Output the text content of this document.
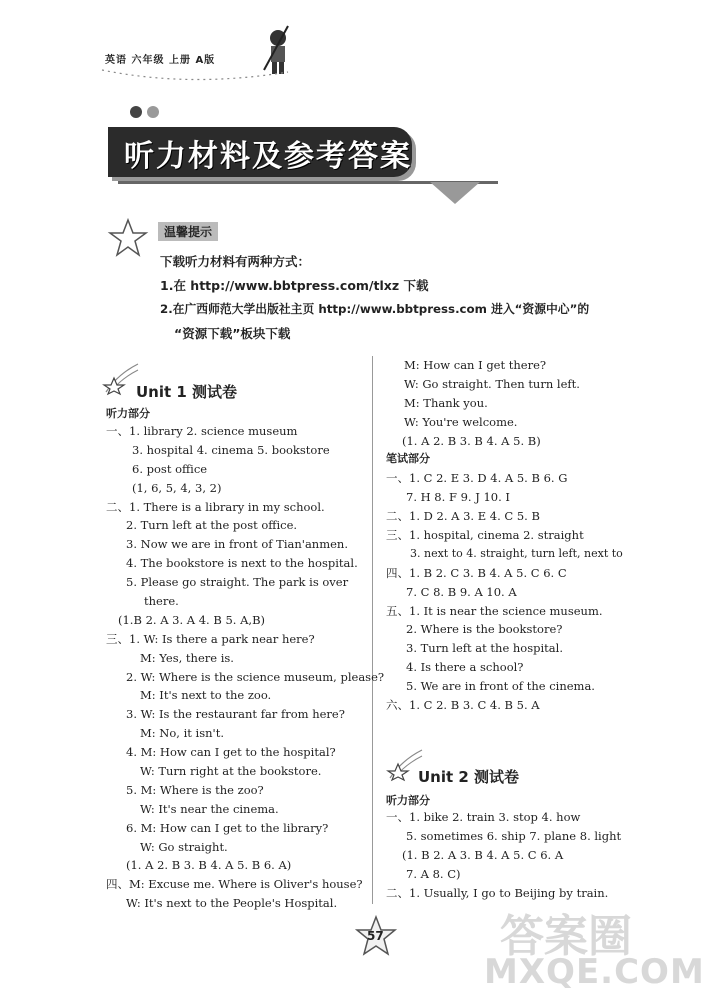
英语 六年级 上册 A版
听力材料及参考答案
温馨提示
下载听力材料有两种方式：
1.在 http://www.bbtpress.com/tlxz 下载
2.在广西师范大学出版社主页 http://www.bbtpress.com 进入“资源中心”的
“资源下载”板块下载
Unit 1 测试卷
听力部分
一、1. library 2. science museum
3. hospital 4. cinema 5. bookstore
6. post office
(1, 6, 5, 4, 3, 2)
二、1. There is a library in my school.
2. Turn left at the post office.
3. Now we are in front of Tian'anmen.
4. The bookstore is next to the hospital.
5. Please go straight. The park is over
there.
(1.B 2. A 3. A 4. B 5. A,B)
三、1. W: Is there a park near here?
M: Yes, there is.
2. W: Where is the science museum, please?
M: It's next to the zoo.
3. W: Is the restaurant far from here?
M: No, it isn't.
4. M: How can I get to the hospital?
W: Turn right at the bookstore.
5. M: Where is the zoo?
W: It's near the cinema.
6. M: How can I get to the library?
W: Go straight.
(1. A 2. B 3. B 4. A 5. B 6. A)
四、M: Excuse me. Where is Oliver's house?
W: It's next to the People's Hospital.
M: How can I get there?
W: Go straight. Then turn left.
M: Thank you.
W: You're welcome.
(1. A 2. B 3. B 4. A 5. B)
笔试部分
一、1. C 2. E 3. D 4. A 5. B 6. G
7. H 8. F 9. J 10. I
二、1. D 2. A 3. E 4. C 5. B
三、1. hospital, cinema 2. straight
3. next to 4. straight, turn left, next to
四、1. B 2. C 3. B 4. A 5. C 6. C
7. C 8. B 9. A 10. A
五、1. It is near the science museum.
2. Where is the bookstore?
3. Turn left at the hospital.
4. Is there a school?
5. We are in front of the cinema.
六、1. C 2. B 3. C 4. B 5. A
Unit 2 测试卷
听力部分
一、1. bike 2. train 3. stop 4. how
5. sometimes 6. ship 7. plane 8. light
(1. B 2. A 3. B 4. A 5. C 6. A
7. A 8. C)
二、1. Usually, I go to Beijing by train.
57	答案圈
MXQE.COM
